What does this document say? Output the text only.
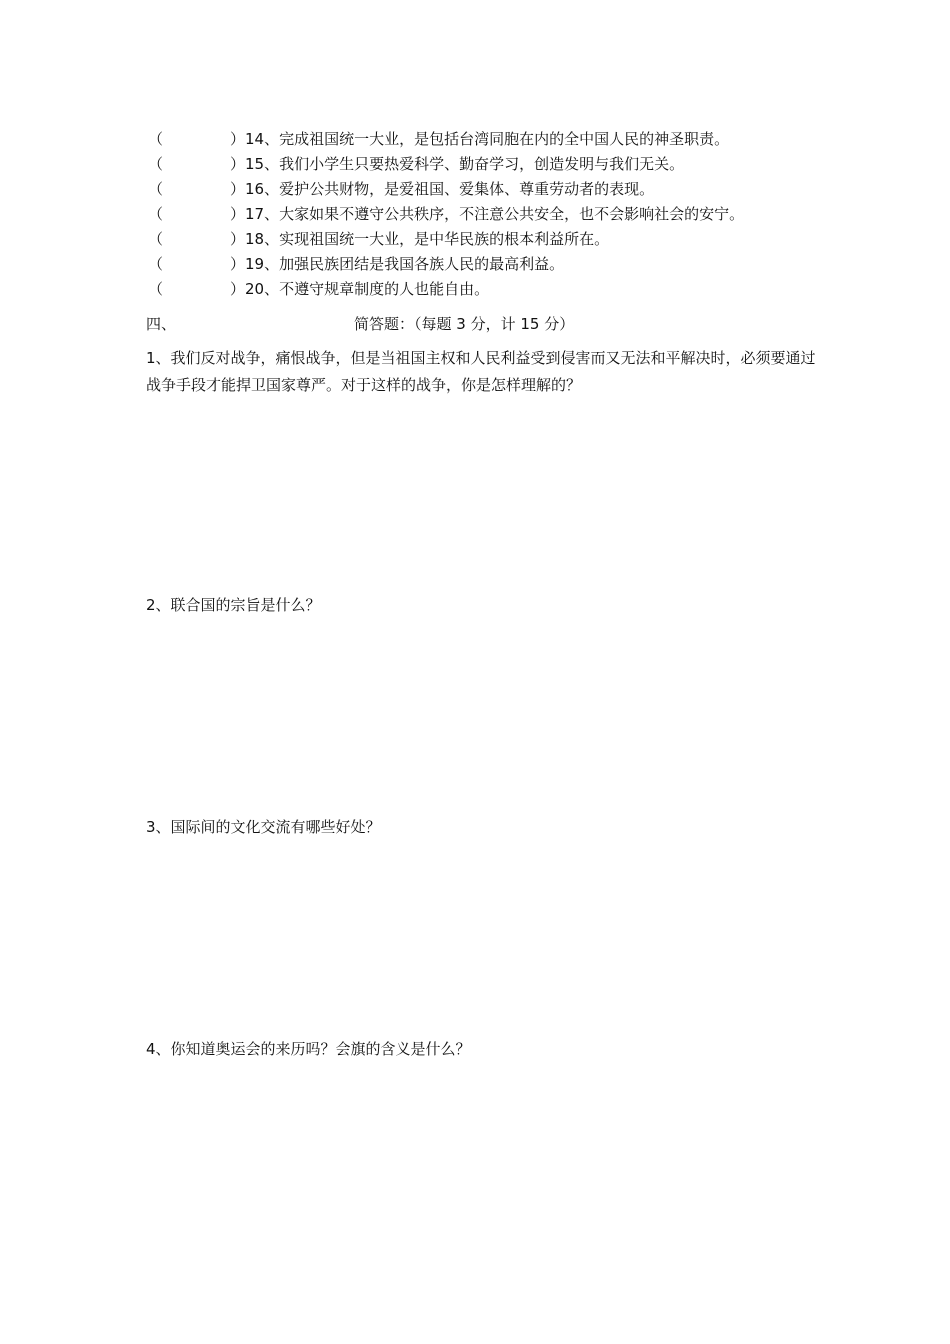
（	） 14、完成祖国统一大业，是包括台湾同胞在内的全中国人民的神圣职责。
（	） 15、我们小学生只要热爱科学、勤奋学习，创造发明与我们无关。
（	） 16、爱护公共财物，是爱祖国、爱集体、尊重劳动者的表现。
（	） 17、大家如果不遵守公共秩序，不注意公共安全，也不会影响社会的安宁。
（	） 18、实现祖国统一大业，是中华民族的根本利益所在。
（	） 19、加强民族团结是我国各族人民的最高利益。
（	） 20、不遵守规章制度的人也能自由。
四、	简答题：（每题 3 分，计 15 分）
1、我们反对战争，痛恨战争，但是当祖国主权和人民利益受到侵害而又无法和平解决时，必须要通过战争手段才能捍卫国家尊严。对于这样的战争，你是怎样理解的？
2、联合国的宗旨是什么？
3、国际间的文化交流有哪些好处？
4、你知道奥运会的来历吗？会旗的含义是什么？
